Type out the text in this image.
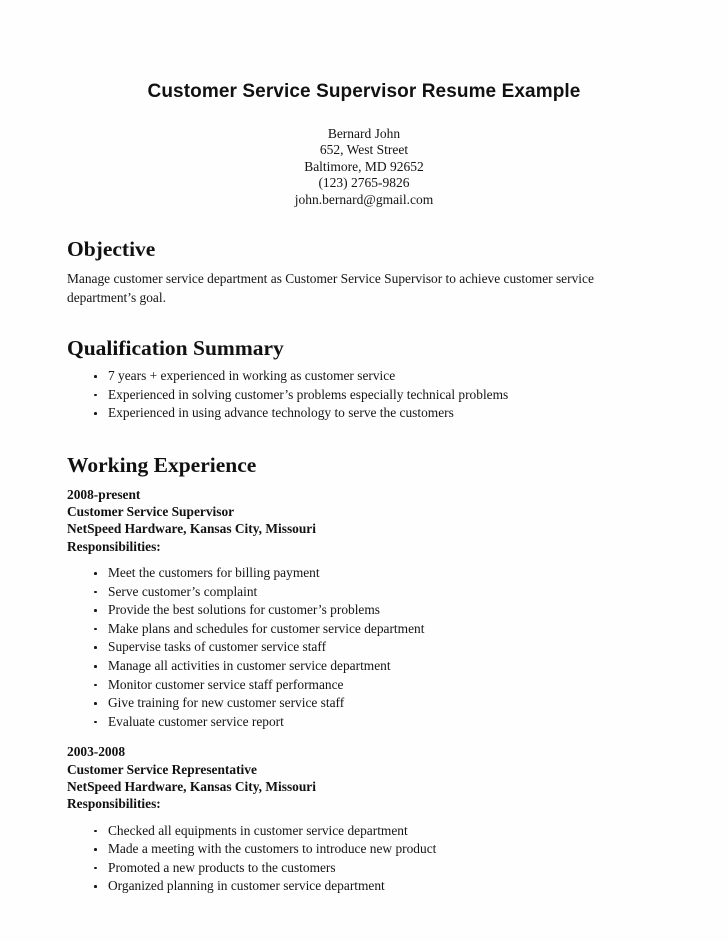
Customer Service Supervisor Resume Example
Bernard John
652, West Street
Baltimore, MD 92652
(123) 2765-9826
john.bernard@gmail.com
Objective

Manage customer service department as Customer Service Supervisor to achieve customer service department’s goal.

Qualification Summary
7 years + experienced in working as customer service
Experienced in solving customer’s problems especially technical problems
Experienced in using advance technology to serve the customers
Working Experience

2008-present

Customer Service Supervisor

NetSpeed Hardware, Kansas City, Missouri

Responsibilities:

Meet the customers for billing payment
Serve customer’s complaint
Provide the best solutions for customer’s problems
Make plans and schedules for customer service department
Supervise tasks of customer service staff
Manage all activities in customer service department
Monitor customer service staff performance
Give training for new customer service staff
Evaluate customer service report

2003-2008

Customer Service Representative

NetSpeed Hardware, Kansas City, Missouri

Responsibilities:

Checked all equipments in customer service department
Made a meeting with the customers to introduce new product
Promoted a new products to the customers
Organized planning in customer service department
